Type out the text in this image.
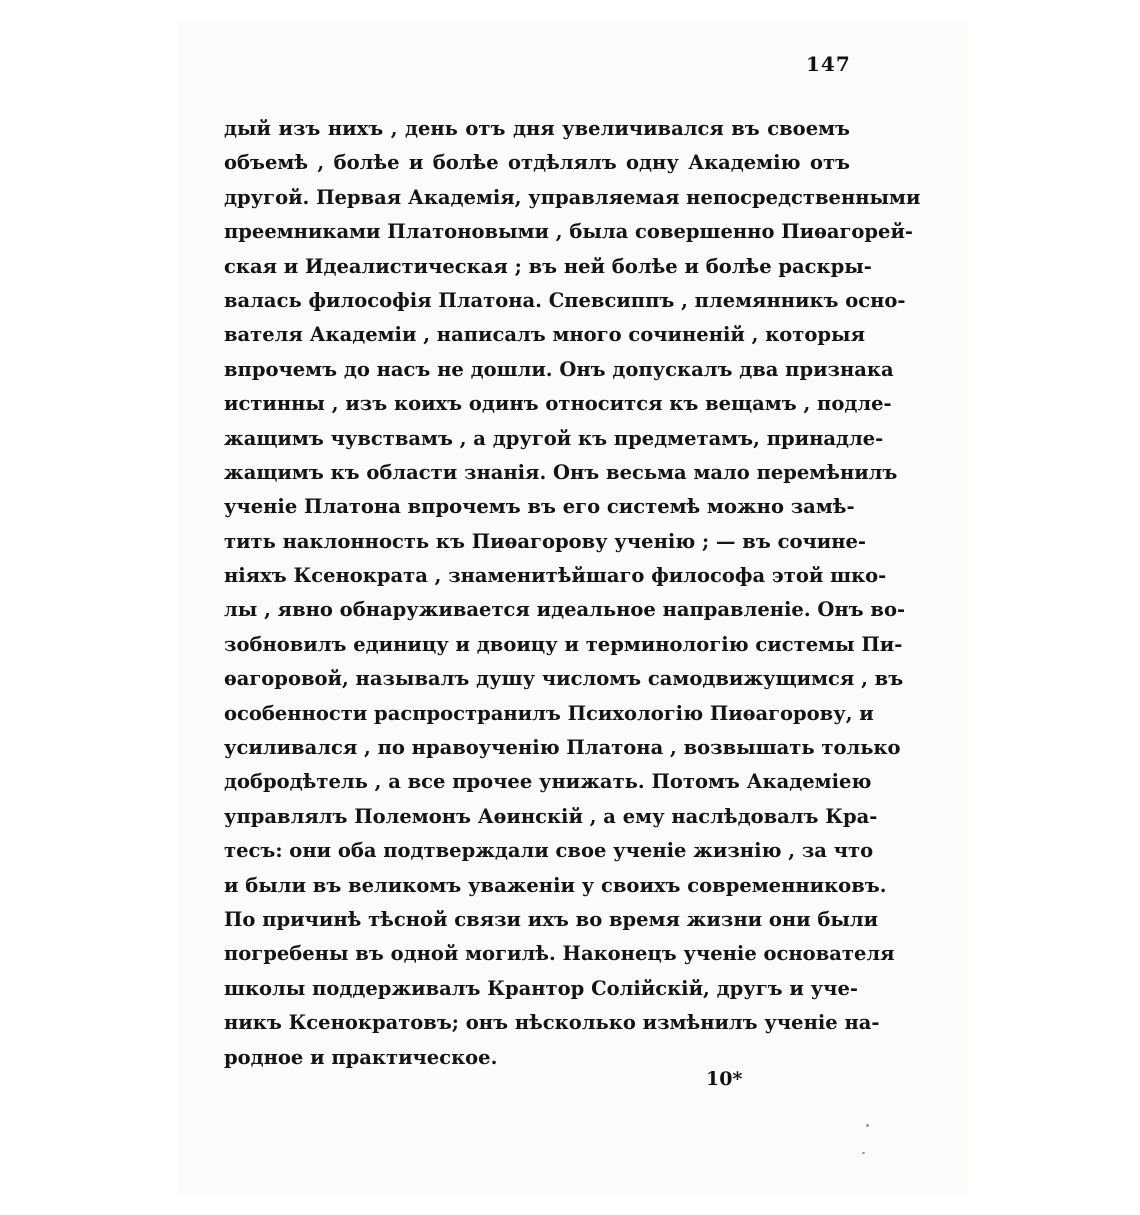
147
дый изъ нихъ , день отъ дня увеличивался въ своемъ
объемѣ , болѣе и болѣе отдѣлялъ одну Академію отъ
другой. Первая Академія, управляемая непосредственными
преемниками Платоновыми , была совершенно Пиѳагорей-
ская и Идеалистическая ; въ ней болѣе и болѣе раскры-
валась философія Платона. Спевсиппъ , племянникъ осно-
вателя Академіи , написалъ много сочиненій , которыя
впрочемъ до насъ не дошли. Онъ допускалъ два признака
истинны , изъ коихъ одинъ относится къ вещамъ , подле-
жащимъ чувствамъ , а другой къ предметамъ, принадле-
жащимъ къ области знанія. Онъ весьма мало перемѣнилъ
ученіе Платона впрочемъ въ его системѣ можно замѣ-
тить наклонность къ Пиѳагорову ученію ; — въ сочине-
ніяхъ Ксенократа , знаменитѣйшаго философа этой шко-
лы , явно обнаруживается идеальное направленіе. Онъ во-
зобновилъ единицу и двоицу и терминологію системы Пи-
ѳагоровой, называлъ душу числомъ самодвижущимся , въ
особенности распространилъ Психологію Пиѳагорову, и
усиливался , по нравоученію Платона , возвышать только
добродѣтель , а все прочее унижать. Потомъ Академіею
управлялъ Полемонъ Аѳинскій , а ему наслѣдовалъ Кра-
тесъ: они оба подтверждали свое ученіе жизнію , за что
и были въ великомъ уваженіи у своихъ современниковъ.
По причинѣ тѣсной связи ихъ во время жизни они были
погребены въ одной могилѣ. Наконецъ ученіе основателя
школы поддерживалъ Крантор Солійскій, другъ и уче-
никъ Ксенократовъ; онъ нѣсколько измѣнилъ ученіе на-
родное и практическое.
10*
